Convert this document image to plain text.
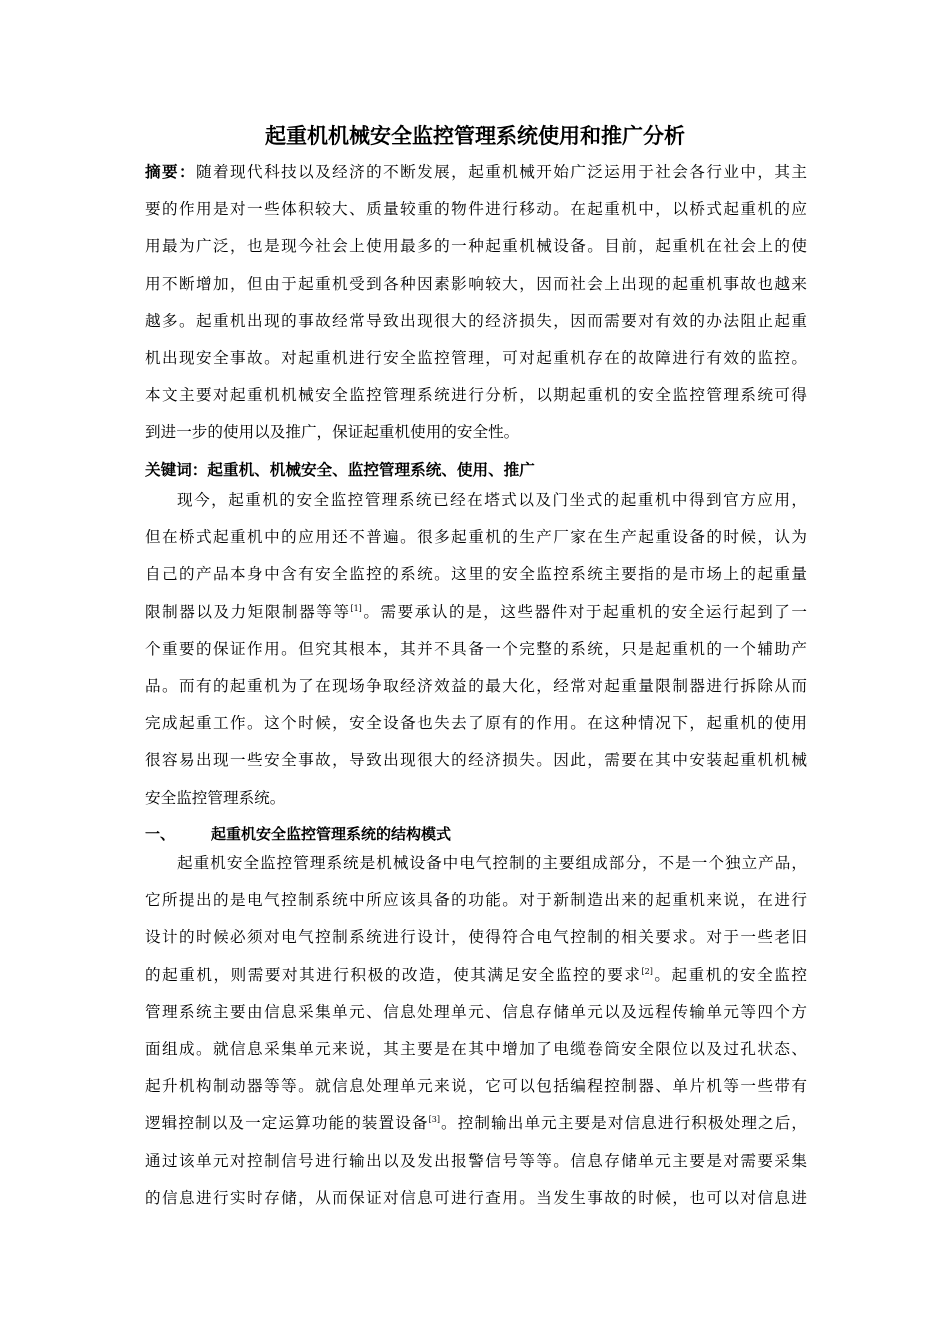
起重机机械安全监控管理系统使用和推广分析
摘要：随着现代科技以及经济的不断发展，起重机械开始广泛运用于社会各行业中，其主
要的作用是对一些体积较大、质量较重的物件进行移动。在起重机中，以桥式起重机的应
用最为广泛，也是现今社会上使用最多的一种起重机械设备。目前，起重机在社会上的使
用不断增加，但由于起重机受到各种因素影响较大，因而社会上出现的起重机事故也越来
越多。起重机出现的事故经常导致出现很大的经济损失，因而需要对有效的办法阻止起重
机出现安全事故。对起重机进行安全监控管理，可对起重机存在的故障进行有效的监控。
本文主要对起重机机械安全监控管理系统进行分析，以期起重机的安全监控管理系统可得
到进一步的使用以及推广，保证起重机使用的安全性。
关键词：起重机、机械安全、监控管理系统、使用、推广
现今，起重机的安全监控管理系统已经在塔式以及门坐式的起重机中得到官方应用，
但在桥式起重机中的应用还不普遍。很多起重机的生产厂家在生产起重设备的时候，认为
自己的产品本身中含有安全监控的系统。这里的安全监控系统主要指的是市场上的起重量
限制器以及力矩限制器等等[1]。需要承认的是，这些器件对于起重机的安全运行起到了一
个重要的保证作用。但究其根本，其并不具备一个完整的系统，只是起重机的一个辅助产
品。而有的起重机为了在现场争取经济效益的最大化，经常对起重量限制器进行拆除从而
完成起重工作。这个时候，安全设备也失去了原有的作用。在这种情况下，起重机的使用
很容易出现一些安全事故，导致出现很大的经济损失。因此，需要在其中安装起重机机械
安全监控管理系统。
一、 起重机安全监控管理系统的结构模式
起重机安全监控管理系统是机械设备中电气控制的主要组成部分，不是一个独立产品，
它所提出的是电气控制系统中所应该具备的功能。对于新制造出来的起重机来说，在进行
设计的时候必须对电气控制系统进行设计，使得符合电气控制的相关要求。对于一些老旧
的起重机，则需要对其进行积极的改造，使其满足安全监控的要求[2]。起重机的安全监控
管理系统主要由信息采集单元、信息处理单元、信息存储单元以及远程传输单元等四个方
面组成。就信息采集单元来说，其主要是在其中增加了电缆卷筒安全限位以及过孔状态、
起升机构制动器等等。就信息处理单元来说，它可以包括编程控制器、单片机等一些带有
逻辑控制以及一定运算功能的装置设备[3]。控制输出单元主要是对信息进行积极处理之后，
通过该单元对控制信号进行输出以及发出报警信号等等。信息存储单元主要是对需要采集
的信息进行实时存储，从而保证对信息可进行查用。当发生事故的时候，也可以对信息进
